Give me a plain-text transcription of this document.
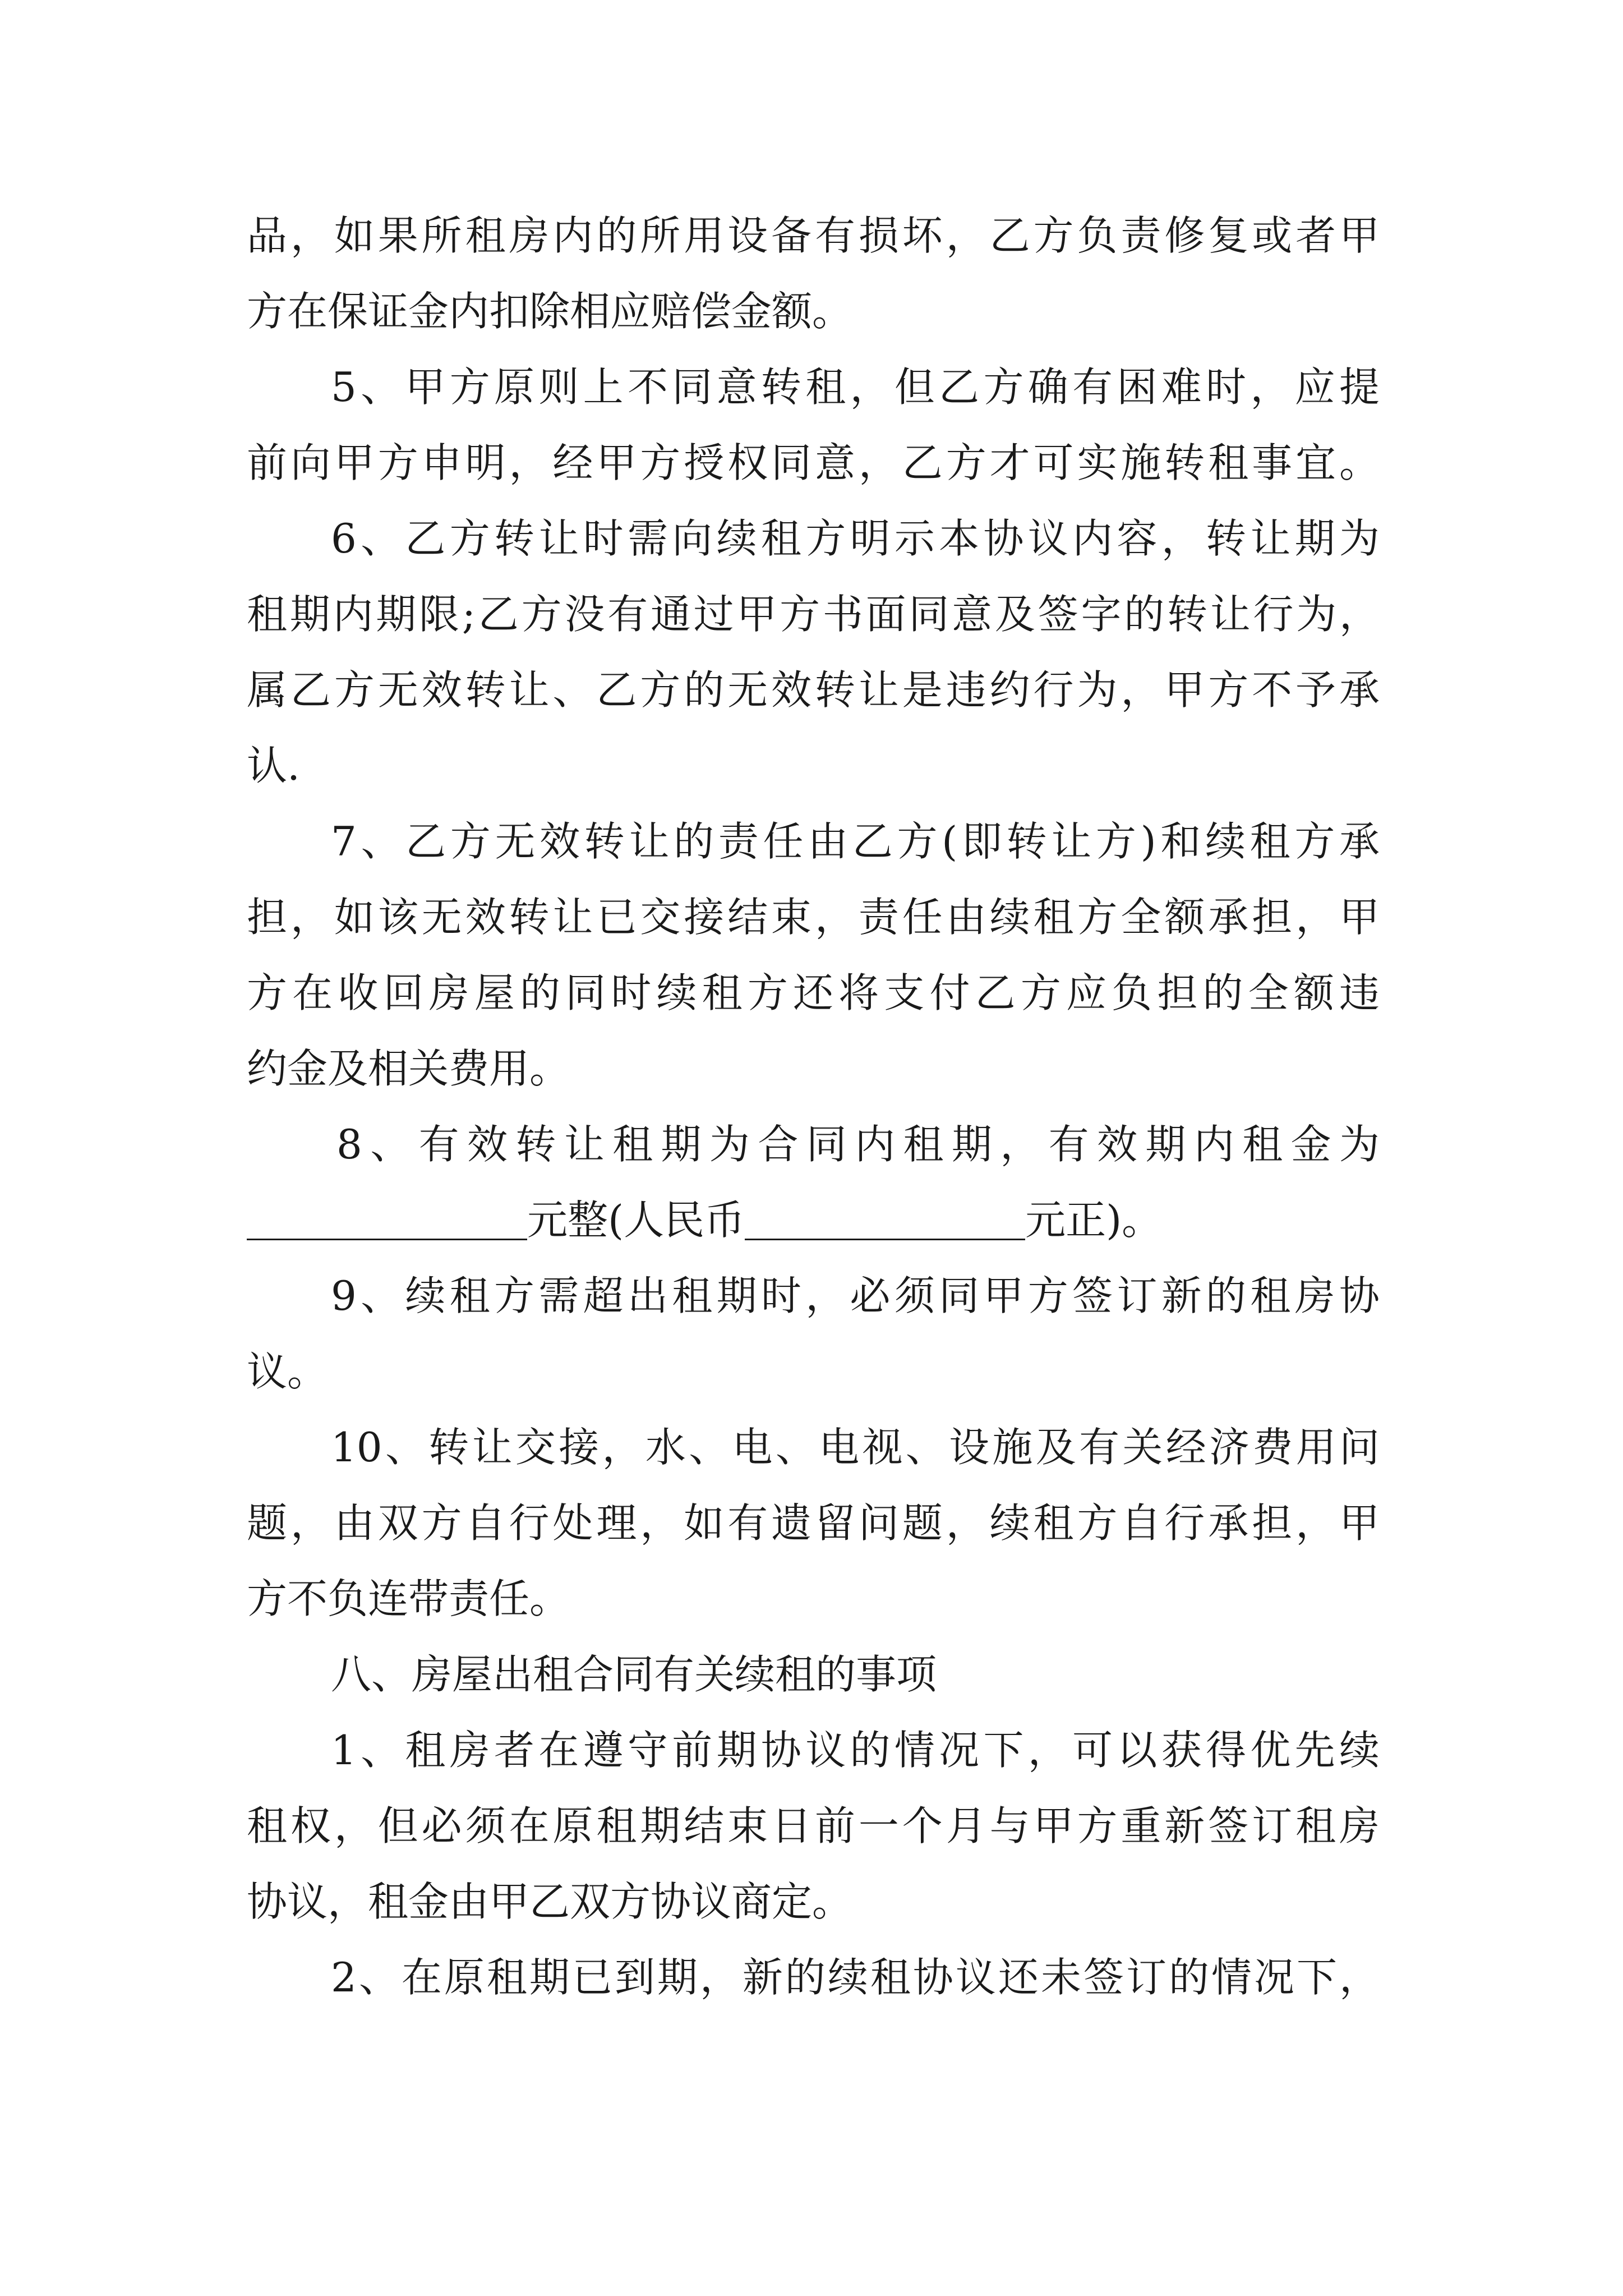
品，如果所租房内的所用设备有损坏，乙方负责修复或者甲
方在保证金内扣除相应赔偿金额。
5、甲方原则上不同意转租，但乙方确有困难时，应提
前向甲方申明，经甲方授权同意，乙方才可实施转租事宜。
6、乙方转让时需向续租方明示本协议内容，转让期为
租期内期限;乙方没有通过甲方书面同意及签字的转让行为，
属乙方无效转让、乙方的无效转让是违约行为，甲方不予承
认.
7、乙方无效转让的责任由乙方(即转让方)和续租方承
担，如该无效转让已交接结束，责任由续租方全额承担，甲
方在收回房屋的同时续租方还将支付乙方应负担的全额违
约金及相关费用。
8、有效转让租期为合同内租期，有效期内租金为
元整(人民币	元正)。
9、续租方需超出租期时，必须同甲方签订新的租房协
议。
10、转让交接，水、电、电视、设施及有关经济费用问
题，由双方自行处理，如有遗留问题，续租方自行承担，甲
方不负连带责任。
八、房屋出租合同有关续租的事项
1、租房者在遵守前期协议的情况下，可以获得优先续
租权，但必须在原租期结束日前一个月与甲方重新签订租房
协议，租金由甲乙双方协议商定。
2、在原租期已到期，新的续租协议还未签订的情况下，
